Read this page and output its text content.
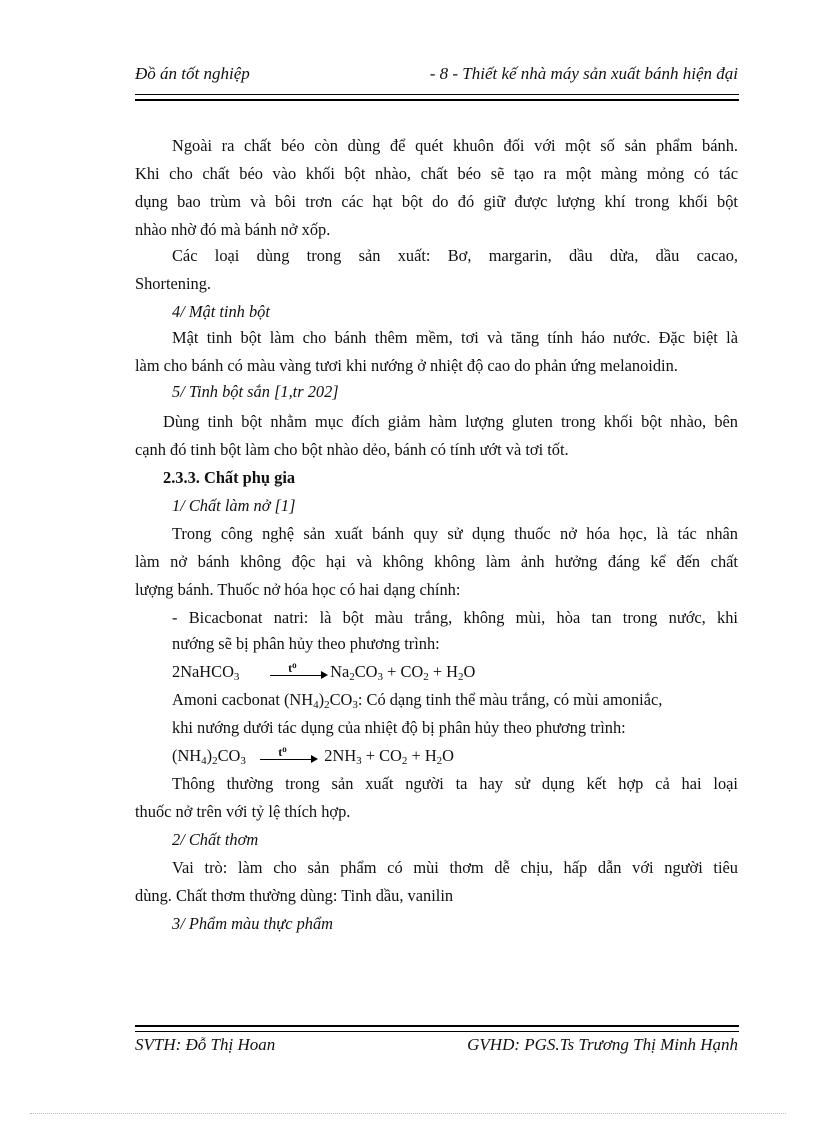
Đồ án tốt nghiệp	- 8 - Thiết kế nhà máy sản xuất bánh hiện đại
Ngoài ra chất béo còn dùng để quét khuôn đối với một số sản phẩm bánh.
Khi cho chất béo vào khối bột nhào, chất béo sẽ tạo ra một màng mỏng có tác
dụng bao trùm và bôi trơn các hạt bột do đó giữ được lượng khí trong khối bột
nhào nhờ đó mà bánh nở xốp.
Các loại dùng trong sản xuất: Bơ, margarin, dầu dừa, dầu cacao,
Shortening.
4/ Mật tinh bột
Mật tinh bột làm cho bánh thêm mềm, tơi và tăng tính háo nước. Đặc biệt là
làm cho bánh có màu vàng tươi khi nướng ở nhiệt độ cao do phản ứng melanoidin.
5/ Tinh bột sắn [1,tr 202]
Dùng tinh bột nhằm mục đích giảm hàm lượng gluten trong khối bột nhào, bên
cạnh đó tinh bột làm cho bột nhào dẻo, bánh có tính ướt và tơi tốt.
2.3.3. Chất phụ gia
1/ Chất làm nở [1]
Trong công nghệ sản xuất bánh quy sử dụng thuốc nở hóa học, là tác nhân
làm nở bánh không độc hại và không không làm ảnh hưởng đáng kể đến chất
lượng bánh. Thuốc nở hóa học có hai dạng chính:
- Bicacbonat natri: là bột màu trắng, không mùi, hòa tan trong nước, khi
nướng sẽ bị phân hủy theo phương trình:
2NaHCO$_3$
$t^o$ $Na_2CO_3 + CO_2 + H_2O$
Amoni cacbonat $(NH_4)_2CO_3$: Có dạng tinh thể màu trắng, có mùi amoniắc,
khi nướng dưới tác dụng của nhiệt độ bị phân hủy theo phương trình:
$(NH_4)_2CO_3$
$t^o$ $2NH_3 + CO_2 + H_2O$
Thông thường trong sản xuất người ta hay sử dụng kết hợp cả hai loại
thuốc nở trên với tỷ lệ thích hợp.
2/ Chất thơm
Vai trò: làm cho sản phẩm có mùi thơm dễ chịu, hấp dẫn với người tiêu
dùng. Chất thơm thường dùng: Tinh dầu, vanilin
3/ Phẩm màu thực phẩm
SVTH: Đỗ Thị Hoan	GVHD: PGS.Ts Trương Thị Minh Hạnh
